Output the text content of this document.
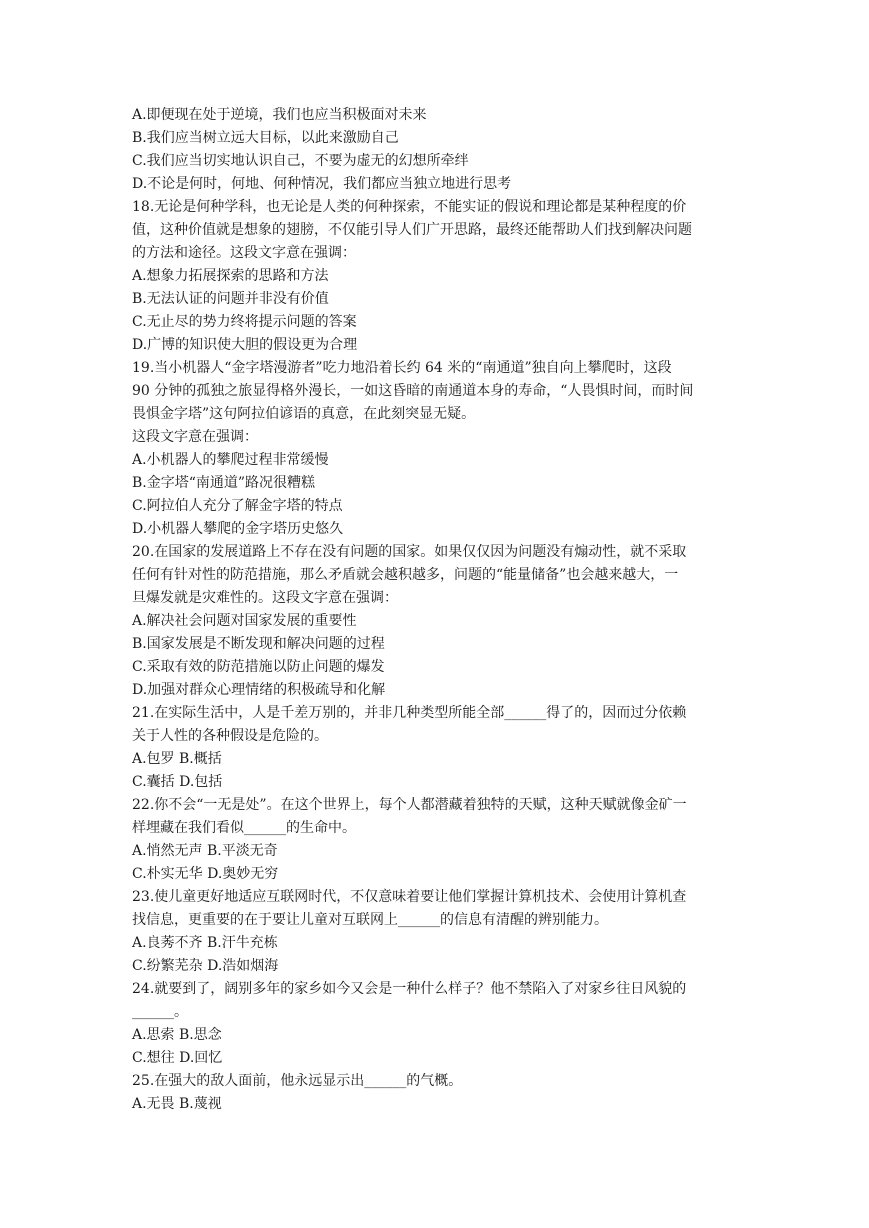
A.即便现在处于逆境，我们也应当积极面对未来
B.我们应当树立远大目标，以此来激励自己
C.我们应当切实地认识自己，不要为虚无的幻想所牵绊
D.不论是何时，何地、何种情况，我们都应当独立地进行思考
18.无论是何种学科，也无论是人类的何种探索，不能实证的假说和理论都是某种程度的价
值，这种价值就是想象的翅膀，不仅能引导人们广开思路，最终还能帮助人们找到解决问题
的方法和途径。这段文字意在强调：
A.想象力拓展探索的思路和方法
B.无法认证的问题并非没有价值
C.无止尽的势力终将提示问题的答案
D.广博的知识使大胆的假设更为合理
19.当小机器人“金字塔漫游者”吃力地沿着长约 64 米的“南通道”独自向上攀爬时，这段
90 分钟的孤独之旅显得格外漫长，一如这昏暗的南通道本身的寿命，“人畏惧时间，而时间
畏惧金字塔”这句阿拉伯谚语的真意，在此刻突显无疑。
这段文字意在强调：
A.小机器人的攀爬过程非常缓慢
B.金字塔“南通道”路况很糟糕
C.阿拉伯人充分了解金字塔的特点
D.小机器人攀爬的金字塔历史悠久
20.在国家的发展道路上不存在没有问题的国家。如果仅仅因为问题没有煽动性，就不采取
任何有针对性的防范措施，那么矛盾就会越积越多，问题的“能量储备”也会越来越大，一
旦爆发就是灾难性的。这段文字意在强调：
A.解决社会问题对国家发展的重要性
B.国家发展是不断发现和解决问题的过程
C.采取有效的防范措施以防止问题的爆发
D.加强对群众心理情绪的积极疏导和化解
21.在实际生活中，人是千差万别的，并非几种类型所能全部______得了的，因而过分依赖
关于人性的各种假设是危险的。
A.包罗 B.概括
C.囊括 D.包括
22.你不会“一无是处”。在这个世界上，每个人都潜藏着独特的天赋，这种天赋就像金矿一
样埋藏在我们看似______的生命中。
A.悄然无声 B.平淡无奇
C.朴实无华 D.奥妙无穷
23.使儿童更好地适应互联网时代，不仅意味着要让他们掌握计算机技术、会使用计算机查
找信息，更重要的在于要让儿童对互联网上______的信息有清醒的辨别能力。
A.良莠不齐 B.汗牛充栋
C.纷繁芜杂 D.浩如烟海
24.就要到了，阔别多年的家乡如今又会是一种什么样子？他不禁陷入了对家乡往日风貌的
______。
A.思索 B.思念
C.想往 D.回忆
25.在强大的敌人面前，他永远显示出______的气概。
A.无畏 B.蔑视
